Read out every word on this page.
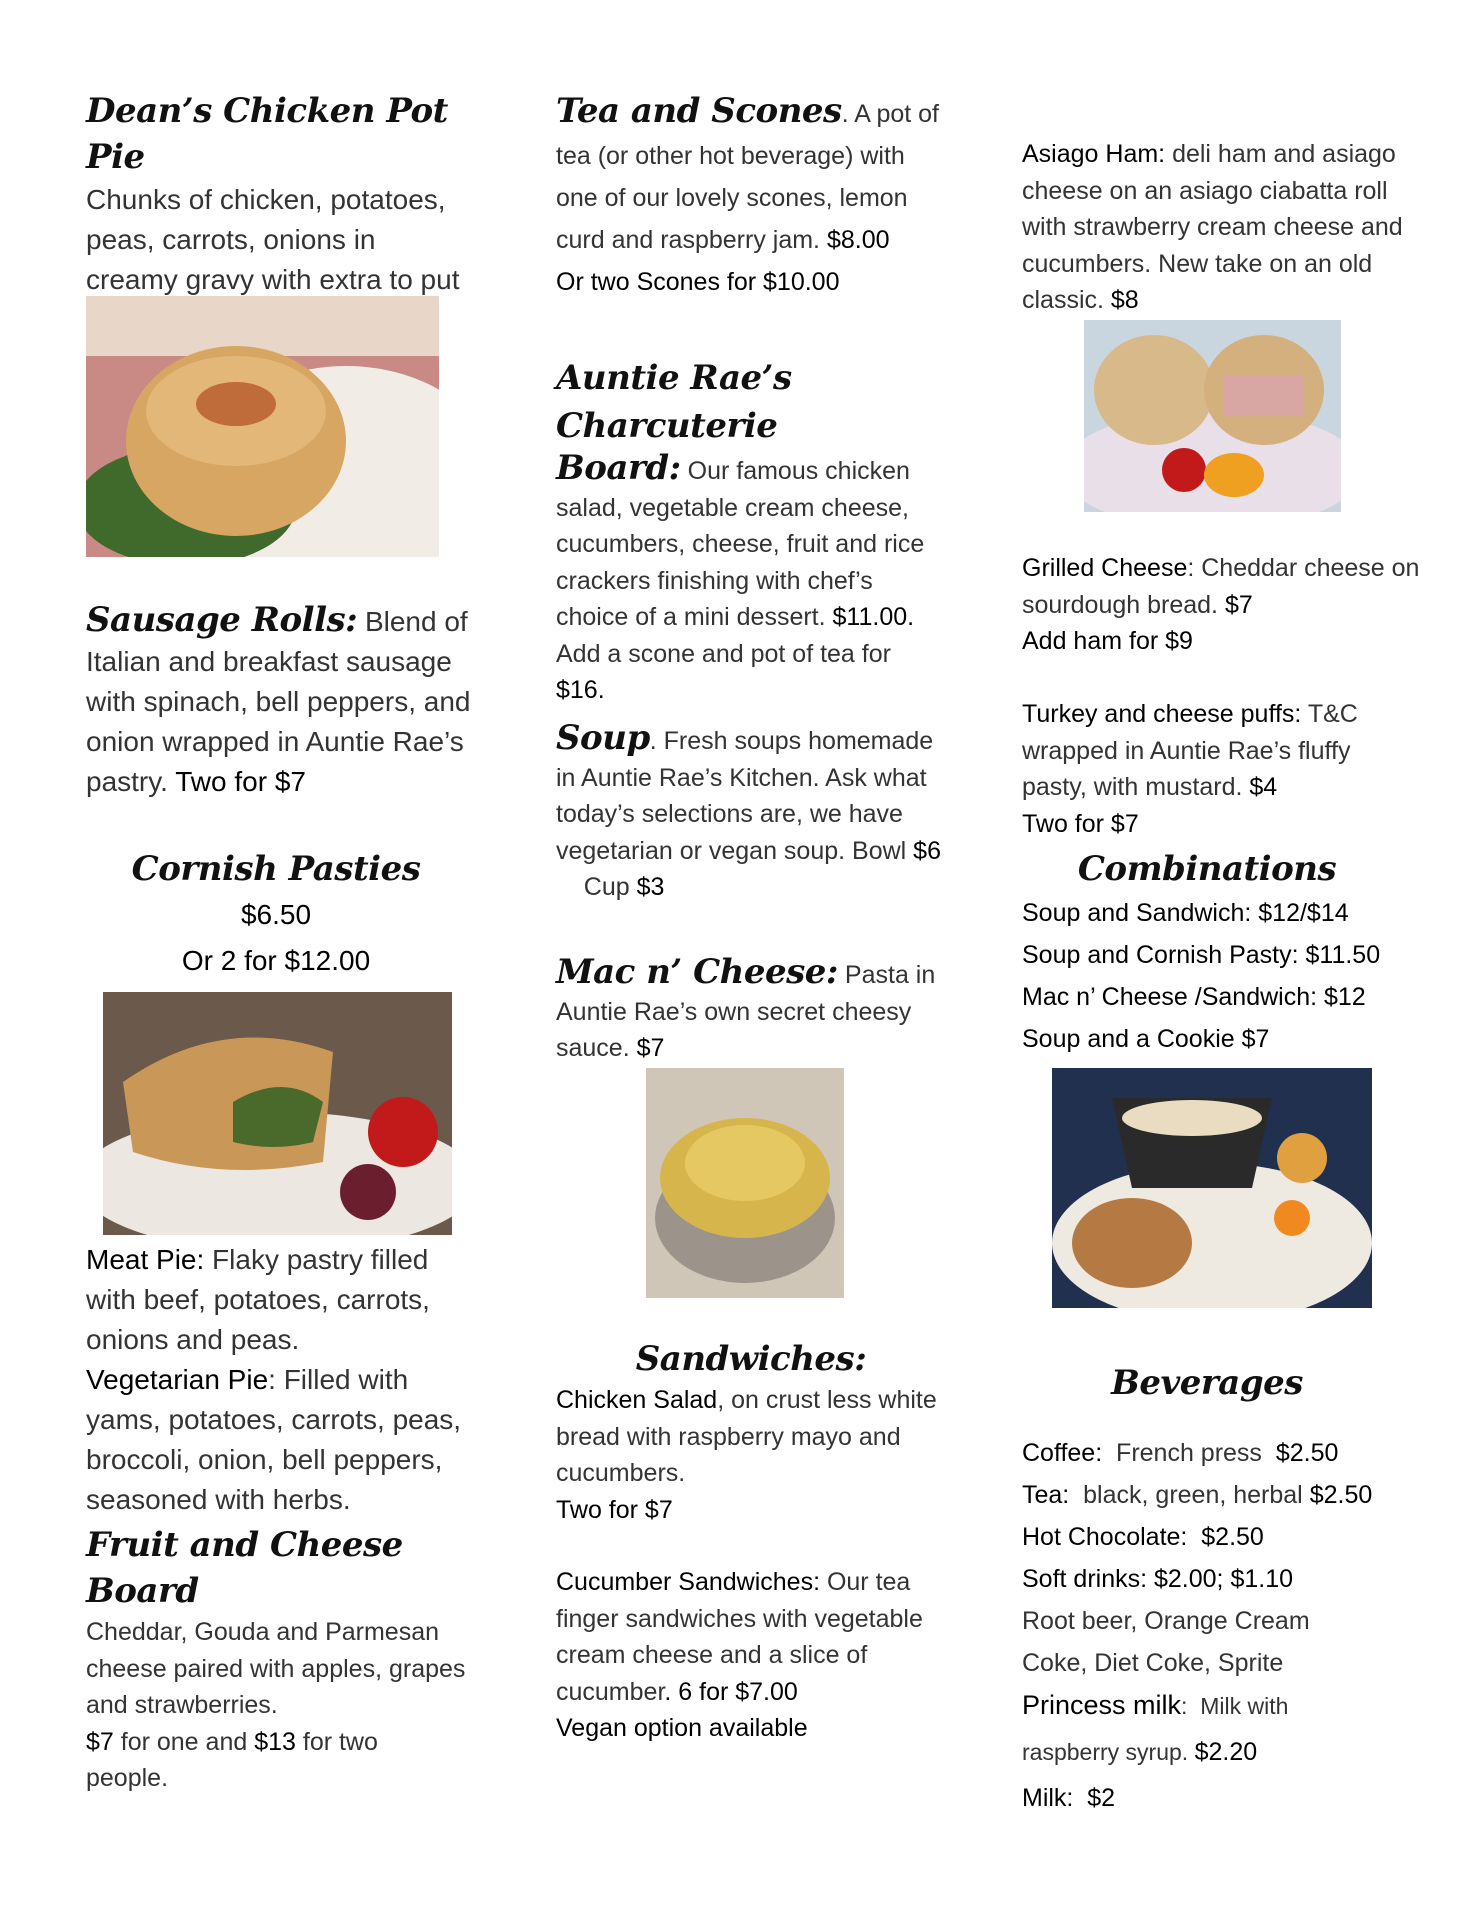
Dean’s Chicken Pot Pie
Chunks of chicken, potatoes, peas, carrots, onions in creamy gravy with extra to put
Sausage Rolls: Blend of Italian and breakfast sausage with spinach, bell peppers, and onion wrapped in Auntie Rae’s pastry. Two for $7
Cornish Pasties
$6.50
Or 2 for $12.00
Meat Pie: Flaky pastry filled with beef, potatoes, carrots, onions and peas.
Vegetarian Pie: Filled with yams, potatoes, carrots, peas, broccoli, onion, bell peppers, seasoned with herbs.
Fruit and Cheese Board
Cheddar, Gouda and Parmesan cheese paired with apples, grapes and strawberries.
$7 for one and $13 for two people.
Tea and Scones. A pot of tea (or other hot beverage) with one of our lovely scones, lemon curd and raspberry jam. $8.00
Or two Scones for $10.00
Auntie Rae’s Charcuterie
Board: Our famous chicken salad, vegetable cream cheese, cucumbers, cheese, fruit and rice crackers finishing with chef’s choice of a mini dessert. $11.00. Add a scone and pot of tea for $16.
Soup. Fresh soups homemade in Auntie Rae’s Kitchen. Ask what today’s selections are, we have vegetarian or vegan soup. Bowl $6    Cup $3
Mac n’ Cheese: Pasta in Auntie Rae’s own secret cheesy sauce. $7
Sandwiches:
Chicken Salad, on crust less white bread with raspberry mayo and cucumbers.
Two for $7
Cucumber Sandwiches: Our tea finger sandwiches with vegetable cream cheese and a slice of cucumber. 6 for $7.00
Vegan option available
Asiago Ham: deli ham and asiago cheese on an asiago ciabatta roll with strawberry cream cheese and cucumbers. New take on an old classic. $8
Grilled Cheese: Cheddar cheese on sourdough bread. $7
Add ham for $9
Turkey and cheese puffs: T&C wrapped in Auntie Rae’s fluffy pasty, with mustard. $4
Two for $7
Combinations
Soup and Sandwich: $12/$14
Soup and Cornish Pasty: $11.50
Mac n’ Cheese /Sandwich: $12
Soup and a Cookie $7
Beverages
Coffee:  French press  $2.50
Tea:  black, green, herbal $2.50
Hot Chocolate:  $2.50
Soft drinks: $2.00; $1.10
Root beer, Orange Cream
Coke, Diet Coke, Sprite
Princess milk:  Milk with
raspberry syrup. $2.20
Milk:  $2
